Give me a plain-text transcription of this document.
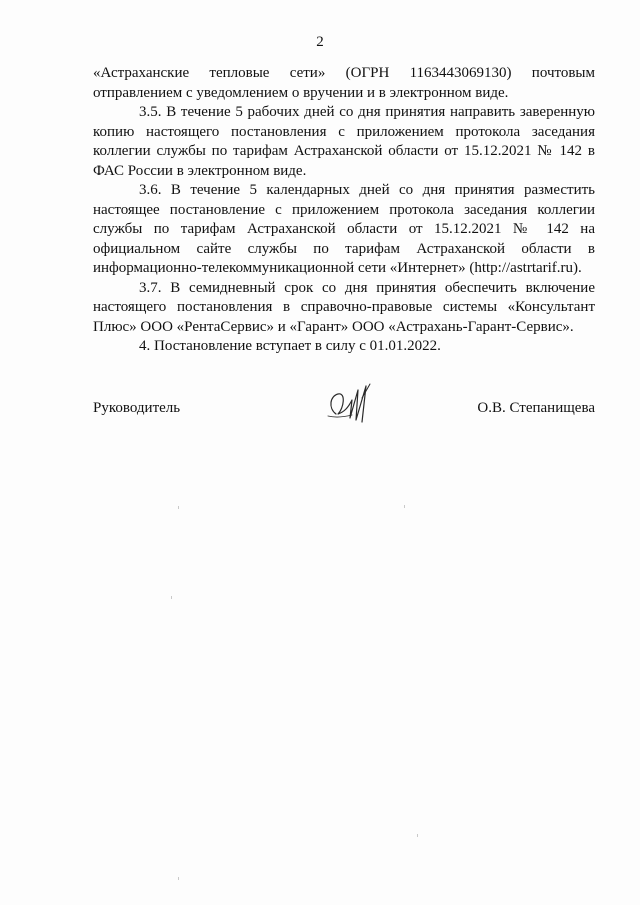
2

«Астраханские тепловые сети» (ОГРН 1163443069130) почтовым отправлением с уведомлением о вручении и в электронном виде.

3.5. В течение 5 рабочих дней со дня принятия направить заверенную копию настоящего постановления с приложением протокола заседания коллегии службы по тарифам Астраханской области от 15.12.2021 № 142 в ФАС России в электронном виде.

3.6. В течение 5 календарных дней со дня принятия разместить настоящее постановление с приложением протокола заседания коллегии службы по тарифам Астраханской области от 15.12.2021 № 142 на официальном сайте службы по тарифам Астраханской области в информационно-телекоммуникационной сети «Интернет» (http://astrtarif.ru).

3.7. В семидневный срок со дня принятия обеспечить включение настоящего постановления в справочно-правовые системы «Консультант Плюс» ООО «РентаСервис» и «Гарант» ООО «Астрахань-Гарант-Сервис».

4. Постановление вступает в силу с 01.01.2022.

Руководитель	О.В. Степанищева
